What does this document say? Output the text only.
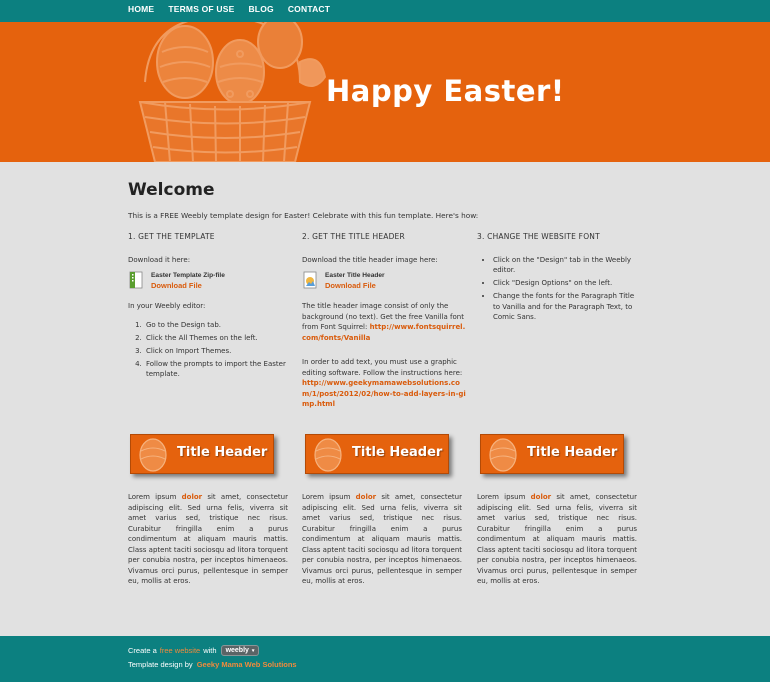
HOME TERMS OF USE BLOG CONTACT
Happy Easter!
Welcome
This is a FREE Weebly template design for Easter! Celebrate with this fun template. Here's how:
1. GET THE TEMPLATE

Download it here:

Easter Template Zip-file
Download File

In your Weebly editor:

1. Go to the Design tab.
2. Click the All Themes on the left.
3. Click on Import Themes.
4. Follow the prompts to import the Easter template.
2. GET THE TITLE HEADER

Download the title header image here:

Easter Title Header
Download File

The title header image consist of only the background (no text). Get the free Vanilla font from Font Squirrel: http://www.fontsquirrel.com/fonts/Vanilla

In order to add text, you must use a graphic editing software. Follow the instructions here: http://www.geekymamawebsolutions.com/1/post/2012/02/how-to-add-layers-in-gimp.html

3. CHANGE THE WEBSITE FONT
• Click on the "Design" tab in the Weebly editor.
• Click "Design Options" on the left.
• Change the fonts for the Paragraph Title to Vanilla and for the Paragraph Text, to Comic Sans.
Title Header	Title Header	Title Header
Lorem ipsum dolor sit amet, consectetur adipiscing elit. Sed urna felis, viverra sit amet varius sed, tristique nec risus. Curabitur fringilla enim a purus condimentum at aliquam mauris mattis. Class aptent taciti sociosqu ad litora torquent per conubia nostra, per inceptos himenaeos. Vivamus orci purus, pellentesque in semper eu, mollis at eros.
Lorem ipsum dolor sit amet, consectetur adipiscing elit. Sed urna felis, viverra sit amet varius sed, tristique nec risus. Curabitur fringilla enim a purus condimentum at aliquam mauris mattis. Class aptent taciti sociosqu ad litora torquent per conubia nostra, per inceptos himenaeos. Vivamus orci purus, pellentesque in semper eu, mollis at eros.
Lorem ipsum dolor sit amet, consectetur adipiscing elit. Sed urna felis, viverra sit amet varius sed, tristique nec risus. Curabitur fringilla enim a purus condimentum at aliquam mauris mattis. Class aptent taciti sociosqu ad litora torquent per conubia nostra, per inceptos himenaeos. Vivamus orci purus, pellentesque in semper eu, mollis at eros.
Create a free website with weebly ▾
Template design by Geeky Mama Web Solutions
